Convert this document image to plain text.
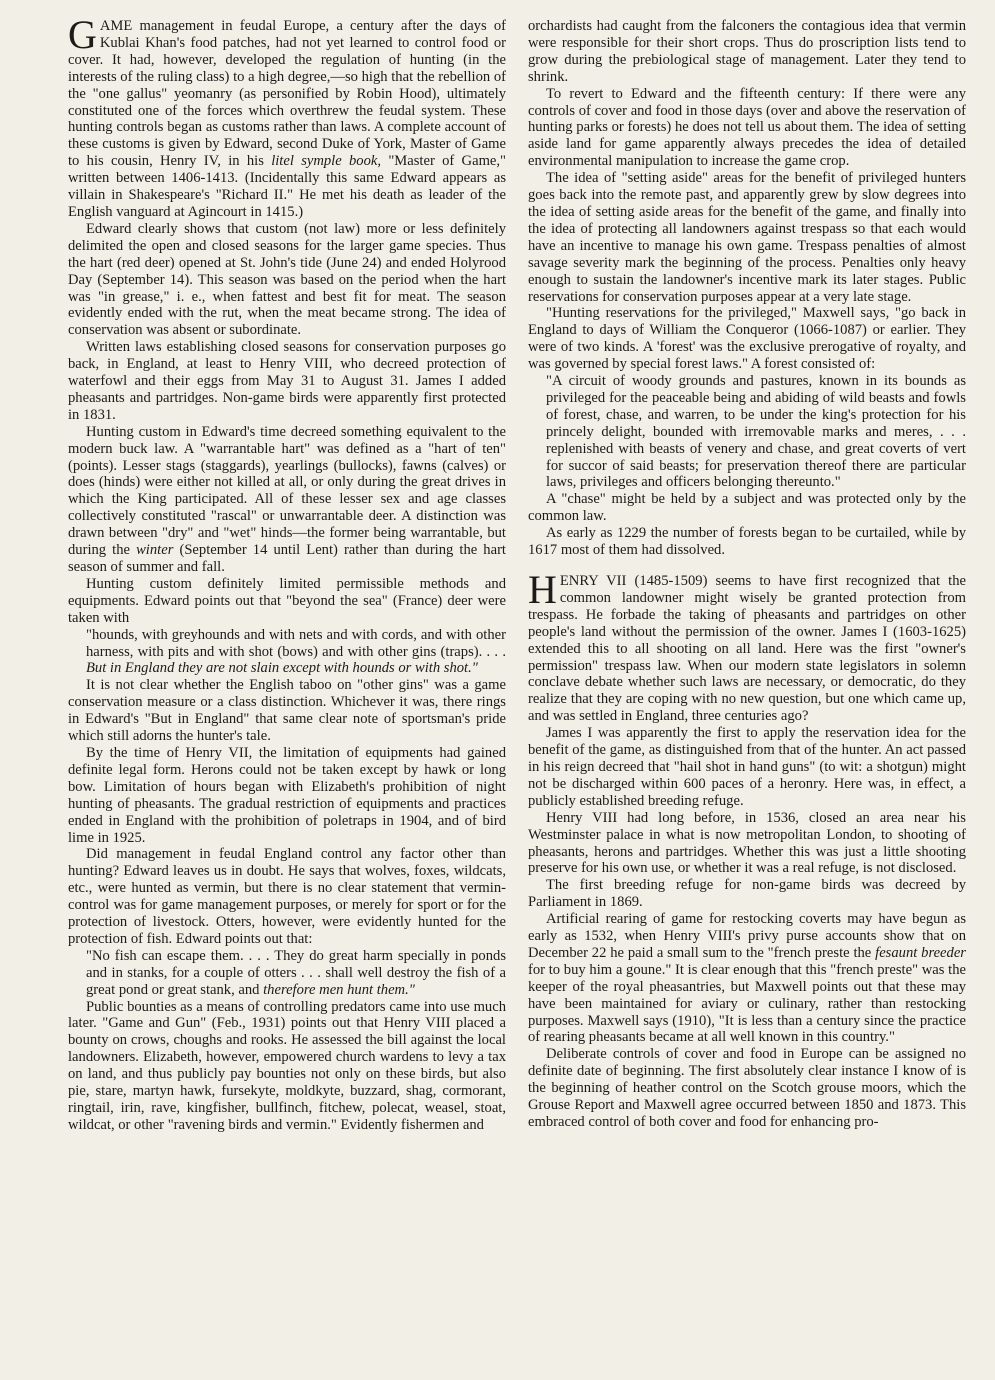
GAME management in feudal Europe, a century after the days of Kublai Khan's food patches, had not yet learned to control food or cover. It had, however, developed the regulation of hunting (in the interests of the ruling class) to a high degree,—so high that the rebellion of the "one gallus" yeomanry (as personified by Robin Hood), ultimately constituted one of the forces which overthrew the feudal system. These hunting controls began as customs rather than laws. A complete account of these customs is given by Edward, second Duke of York, Master of Game to his cousin, Henry IV, in his litel symple book, "Master of Game," written between 1406-1413. (Incidentally this same Edward appears as villain in Shakespeare's "Richard II." He met his death as leader of the English vanguard at Agincourt in 1415.)

Edward clearly shows that custom (not law) more or less definitely delimited the open and closed seasons for the larger game species. Thus the hart (red deer) opened at St. John's tide (June 24) and ended Holyrood Day (September 14). This season was based on the period when the hart was "in grease," i. e., when fattest and best fit for meat. The season evidently ended with the rut, when the meat became strong. The idea of conservation was absent or subordinate.

Written laws establishing closed seasons for conservation purposes go back, in England, at least to Henry VIII, who decreed protection of waterfowl and their eggs from May 31 to August 31. James I added pheasants and partridges. Non-game birds were apparently first protected in 1831.

Hunting custom in Edward's time decreed something equivalent to the modern buck law. A "warrantable hart" was defined as a "hart of ten" (points). Lesser stags (staggards), yearlings (bullocks), fawns (calves) or does (hinds) were either not killed at all, or only during the great drives in which the King participated. All of these lesser sex and age classes collectively constituted "rascal" or unwarrantable deer. A distinction was drawn between "dry" and "wet" hinds—the former being warrantable, but during the winter (September 14 until Lent) rather than during the hart season of summer and fall.

Hunting custom definitely limited permissible methods and equipments. Edward points out that "beyond the sea" (France) deer were taken with

"hounds, with greyhounds and with nets and with cords, and with other harness, with pits and with shot (bows) and with other gins (traps). . . . But in England they are not slain except with hounds or with shot."

It is not clear whether the English taboo on "other gins" was a game conservation measure or a class distinction. Whichever it was, there rings in Edward's "But in England" that same clear note of sportsman's pride which still adorns the hunter's tale.

By the time of Henry VII, the limitation of equipments had gained definite legal form. Herons could not be taken except by hawk or long bow. Limitation of hours began with Elizabeth's prohibition of night hunting of pheasants. The gradual restriction of equipments and practices ended in England with the prohibition of poletraps in 1904, and of bird lime in 1925.

Did management in feudal England control any factor other than hunting? Edward leaves us in doubt. He says that wolves, foxes, wildcats, etc., were hunted as vermin, but there is no clear statement that vermin-control was for game management purposes, or merely for sport or for the protection of livestock. Otters, however, were evidently hunted for the protection of fish. Edward points out that:

"No fish can escape them. . . . They do great harm specially in ponds and in stanks, for a couple of otters . . . shall well destroy the fish of a great pond or great stank, and therefore men hunt them."

Public bounties as a means of controlling predators came into use much later. "Game and Gun" (Feb., 1931) points out that Henry VIII placed a bounty on crows, choughs and rooks. He assessed the bill against the local landowners. Elizabeth, however, empowered church wardens to levy a tax on land, and thus publicly pay bounties not only on these birds, but also pie, stare, martyn hawk, fursekyte, moldkyte, buzzard, shag, cormorant, ringtail, irin, rave, kingfisher, bullfinch, fitchew, polecat, weasel, stoat, wildcat, or other "ravening birds and vermin." Evidently fishermen and

orchardists had caught from the falconers the contagious idea that vermin were responsible for their short crops. Thus do proscription lists tend to grow during the prebiological stage of management. Later they tend to shrink.

To revert to Edward and the fifteenth century: If there were any controls of cover and food in those days (over and above the reservation of hunting parks or forests) he does not tell us about them. The idea of setting aside land for game apparently always precedes the idea of detailed environmental manipulation to increase the game crop.

The idea of "setting aside" areas for the benefit of privileged hunters goes back into the remote past, and apparently grew by slow degrees into the idea of setting aside areas for the benefit of the game, and finally into the idea of protecting all landowners against trespass so that each would have an incentive to manage his own game. Trespass penalties of almost savage severity mark the beginning of the process. Penalties only heavy enough to sustain the landowner's incentive mark its later stages. Public reservations for conservation purposes appear at a very late stage.

"Hunting reservations for the privileged," Maxwell says, "go back in England to days of William the Conqueror (1066-1087) or earlier. They were of two kinds. A 'forest' was the exclusive prerogative of royalty, and was governed by special forest laws." A forest consisted of:

"A circuit of woody grounds and pastures, known in its bounds as privileged for the peaceable being and abiding of wild beasts and fowls of forest, chase, and warren, to be under the king's protection for his princely delight, bounded with irremovable marks and meres, . . . replenished with beasts of venery and chase, and great coverts of vert for succor of said beasts; for preservation thereof there are particular laws, privileges and officers belonging thereunto."

A "chase" might be held by a subject and was protected only by the common law.

As early as 1229 the number of forests began to be curtailed, while by 1617 most of them had dissolved.

HENRY VII (1485-1509) seems to have first recognized that the common landowner might wisely be granted protection from trespass. He forbade the taking of pheasants and partridges on other people's land without the permission of the owner. James I (1603-1625) extended this to all shooting on all land. Here was the first "owner's permission" trespass law. When our modern state legislators in solemn conclave debate whether such laws are necessary, or democratic, do they realize that they are coping with no new question, but one which came up, and was settled in England, three centuries ago?

James I was apparently the first to apply the reservation idea for the benefit of the game, as distinguished from that of the hunter. An act passed in his reign decreed that "hail shot in hand guns" (to wit: a shotgun) might not be discharged within 600 paces of a heronry. Here was, in effect, a publicly established breeding refuge.

Henry VIII had long before, in 1536, closed an area near his Westminster palace in what is now metropolitan London, to shooting of pheasants, herons and partridges. Whether this was just a little shooting preserve for his own use, or whether it was a real refuge, is not disclosed.

The first breeding refuge for non-game birds was decreed by Parliament in 1869.

Artificial rearing of game for restocking coverts may have begun as early as 1532, when Henry VIII's privy purse accounts show that on December 22 he paid a small sum to the "french preste the fesaunt breeder for to buy him a goune." It is clear enough that this "french preste" was the keeper of the royal pheasantries, but Maxwell points out that these may have been maintained for aviary or culinary, rather than restocking purposes. Maxwell says (1910), "It is less than a century since the practice of rearing pheasants became at all well known in this country."

Deliberate controls of cover and food in Europe can be assigned no definite date of beginning. The first absolutely clear instance I know of is the beginning of heather control on the Scotch grouse moors, which the Grouse Report and Maxwell agree occurred between 1850 and 1873. This embraced control of both cover and food for enhancing pro-
